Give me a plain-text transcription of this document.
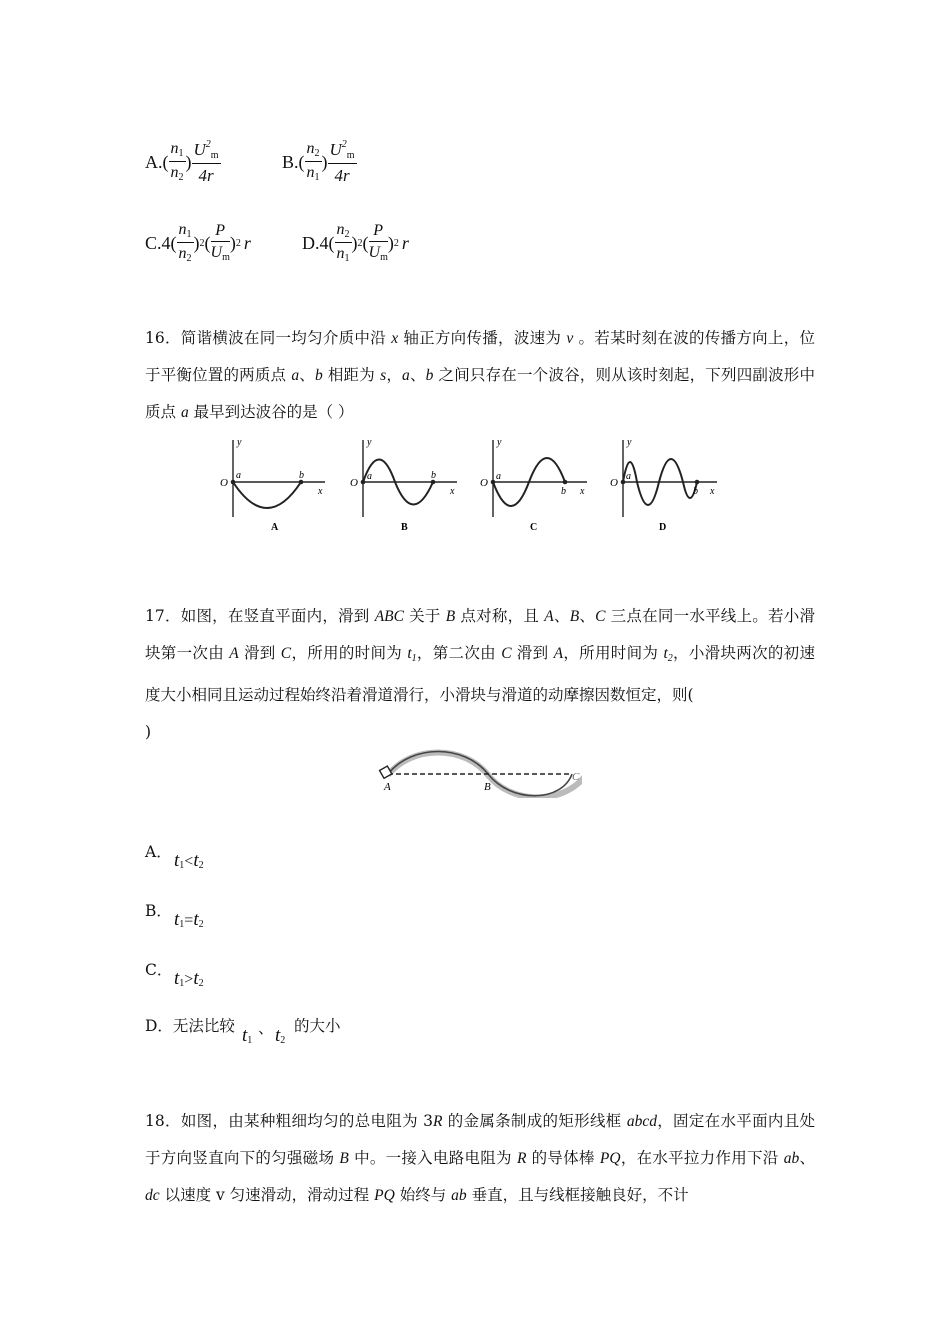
A. ( $\frac{n_1}{n_2}$ ) $\frac{U^2_m}{4r}$	B. ( $\frac{n_2}{n_1}$ ) $\frac{U^2_m}{4r}$
C.4 ( $\frac{n_1}{n_2}$ ) 2 ( $\frac{P}{U_m}$ ) 2 r	D.4 ( $\frac{n_2}{n_1}$ ) 2 ( $\frac{P}{U_m}$ ) 2 r
16．简谐横波在同一均匀介质中沿 x 轴正方向传播，波速为 v 。若某时刻在波的传播方向上，位于平衡位置的两质点 a、b 相距为 s，a、b 之间只存在一个波谷，则从该时刻起，下列四副波形中质点 a 最早到达波谷的是（ ）
O
y
x
a	b
A
O
y
x
a	b
B
O
y
x
a
b
C
O
y
x
a
b
D
17．如图，在竖直平面内，滑到 ABC 关于 B 点对称，且 A、B、C 三点在同一水平线上。若小滑块第一次由 A 滑到 C，所用的时间为 t1，第二次由 C 滑到 A，所用时间为 t2，小滑块两次的初速度大小相同且运动过程始终沿着滑道滑行，小滑块与滑道的动摩擦因数恒定，则(
)
A	B
C
A． t1<t2
B． t1=t2
C． t1>t2
D．无法比较 t1
、 t2
的大小
18．如图，由某种粗细均匀的总电阻为 3R 的金属条制成的矩形线框 abcd，固定在水平面内且处于方向竖直向下的匀强磁场 B 中。一接入电路电阻为 R 的导体棒 PQ，在水平拉力作用下沿 ab、dc 以速度 v 匀速滑动，滑动过程 PQ 始终与 ab 垂直，且与线框接触良好，不计
